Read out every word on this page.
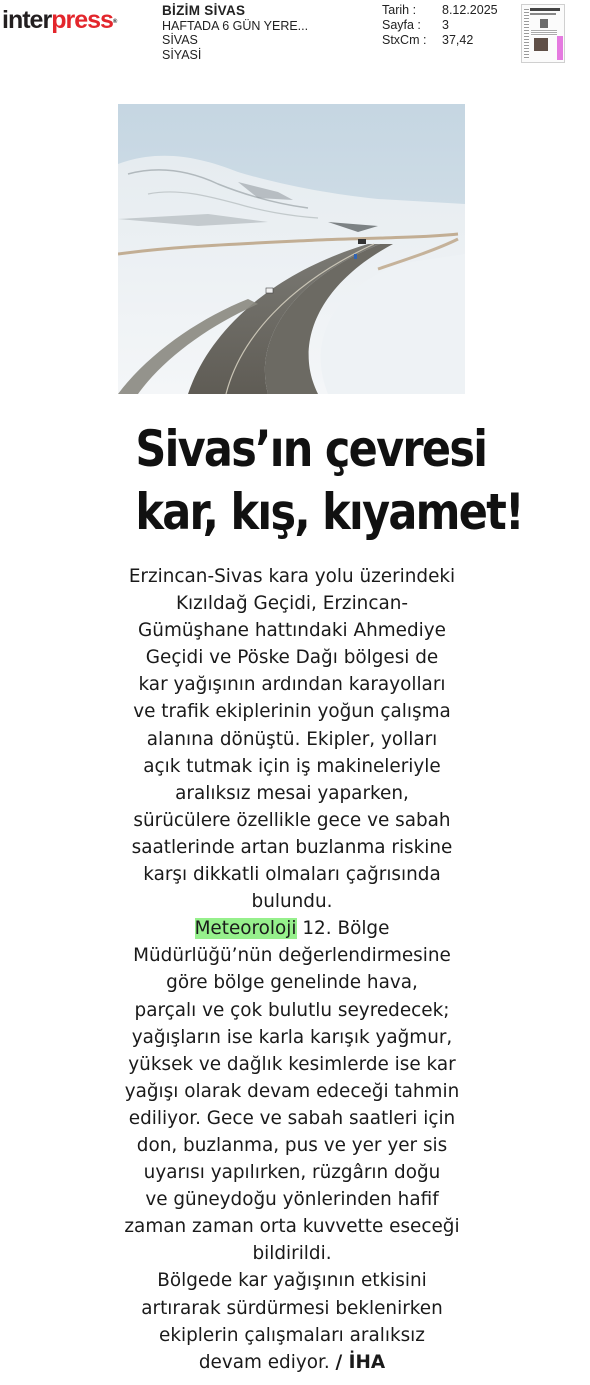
interpress®
BİZİM SİVAS
HAFTADA 6 GÜN YERE...
SİVAS
SİYASİ
Tarih :	8.12.2025
Sayfa :	3
StxCm :	37,42
Sivas’ın çevresi
kar, kış, kıyamet!
Erzincan-Sivas kara yolu üzerindeki
Kızıldağ Geçidi, Erzincan-
Gümüşhane hattındaki Ahmediye
Geçidi ve Pöske Dağı bölgesi de
kar yağışının ardından karayolları
ve trafik ekiplerinin yoğun çalışma
alanına dönüştü. Ekipler, yolları
açık tutmak için iş makineleriyle
aralıksız mesai yaparken,
sürücülere özellikle gece ve sabah
saatlerinde artan buzlanma riskine
karşı dikkatli olmaları çağrısında
bulundu.
Meteoroloji 12. Bölge
Müdürlüğü’nün değerlendirmesine
göre bölge genelinde hava,
parçalı ve çok bulutlu seyredecek;
yağışların ise karla karışık yağmur,
yüksek ve dağlık kesimlerde ise kar
yağışı olarak devam edeceği tahmin
ediliyor. Gece ve sabah saatleri için
don, buzlanma, pus ve yer yer sis
uyarısı yapılırken, rüzgârın doğu
ve güneydoğu yönlerinden hafif
zaman zaman orta kuvvette eseceği
bildirildi.
Bölgede kar yağışının etkisini
artırarak sürdürmesi beklenirken
ekiplerin çalışmaları aralıksız
devam ediyor. / İHA
